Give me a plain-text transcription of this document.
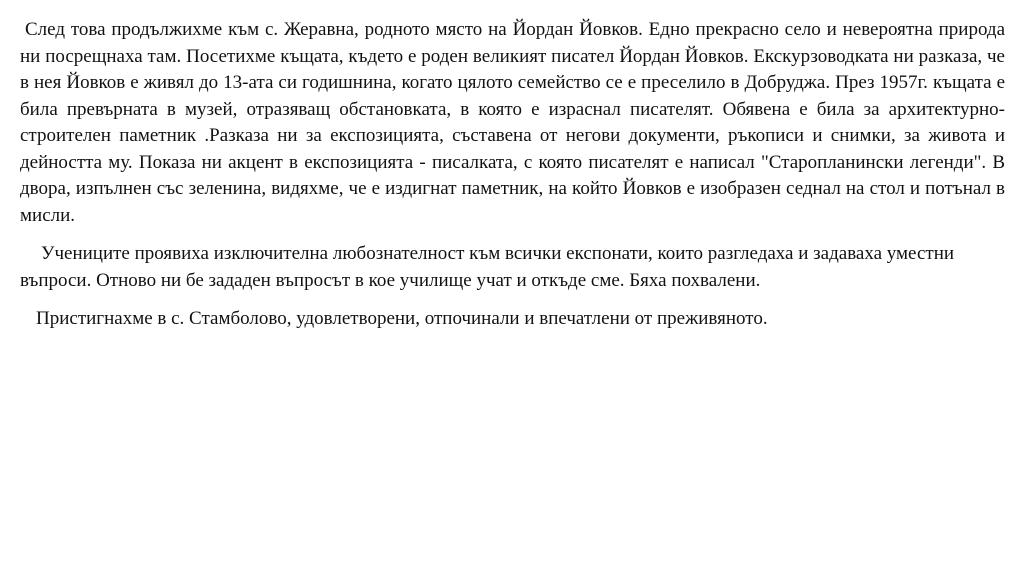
След това продължихме към с. Жеравна, родното място на Йордан Йовков. Едно прекрасно село и невероятна природа ни посрещнаха там. Посетихме къщата, където е роден великият писател Йордан Йовков. Екскурзоводката ни разказа, че в нея Йовков е живял до 13-ата си годишнина, когато цялото семейство се е преселило в Добруджа. През 1957г. къщата е била превърната в музей, отразяващ обстановката, в която е израснал писателят. Обявена е била за архитектурно-строителен паметник .Разказа ни за експозицията, съставена от негови документи, ръкописи и снимки, за живота и дейността му. Показа ни акцент в експозицията - писалката, с която писателят е написал "Старопланински легенди". В двора, изпълнен със зеленина, видяхме, че е издигнат паметник, на който Йовков е изобразен седнал на стол и потънал в мисли.

Учениците проявиха изключителна любознателност към всички експонати, които разгледаха и задаваха уместни въпроси. Отново ни бе зададен въпросът в кое училище учат и откъде сме. Бяха похвалени.

Пристигнахме в с. Стамболово, удовлетворени, отпочинали и впечатлени от преживяното.
